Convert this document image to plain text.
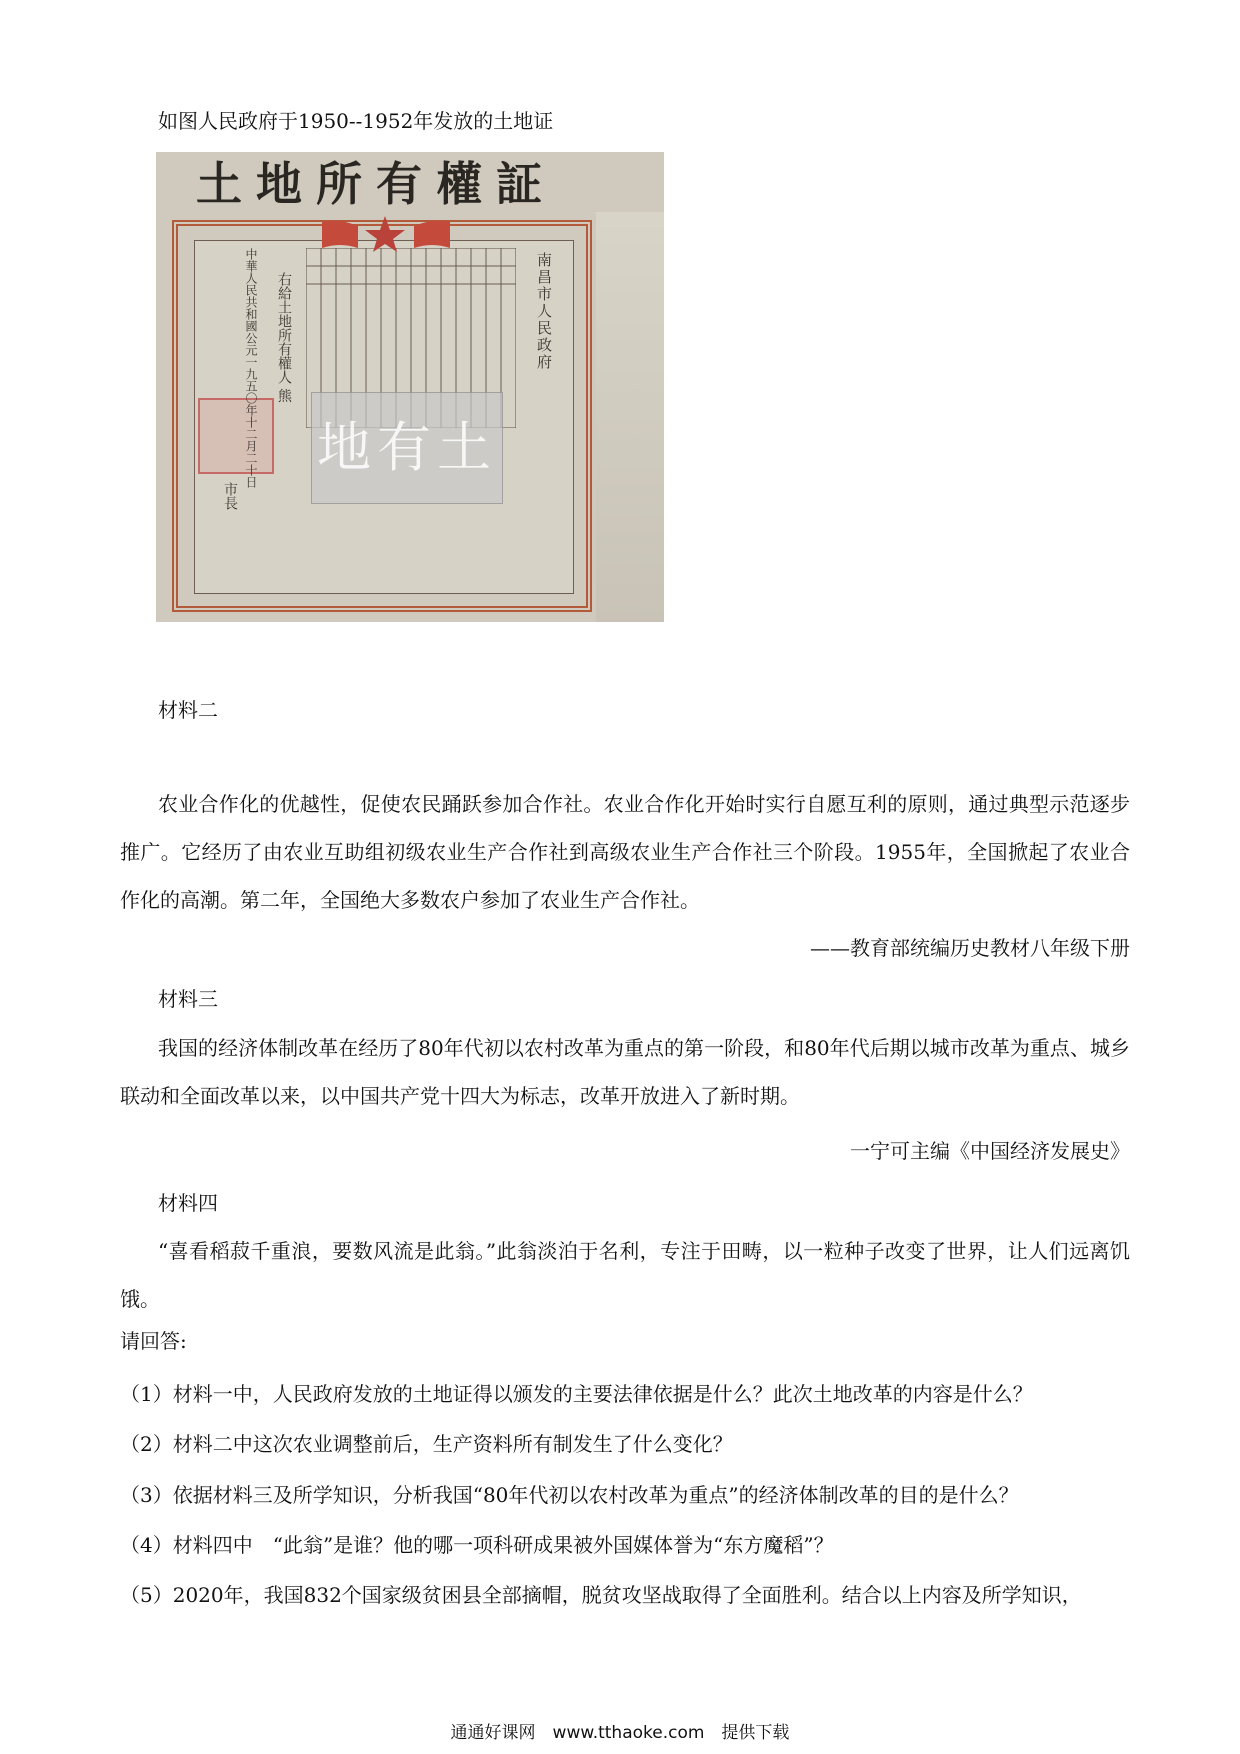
如图人民政府于1950--1952年发放的土地证
土地所有權証
地有土
南昌市人民政府
右給土地所有權人 熊
中華人民共和國公元一九五〇年十二月二十日
市長
材料二
农业合作化的优越性，促使农民踊跃参加合作社。农业合作化开始时实行自愿互利的原则，通过典型示范逐步推广。它经历了由农业互助组初级农业生产合作社到高级农业生产合作社三个阶段。1955年，全国掀起了农业合作化的高潮。第二年，全国绝大多数农户参加了农业生产合作社。
——教育部统编历史教材八年级下册
材料三
我国的经济体制改革在经历了80年代初以农村改革为重点的第一阶段，和80年代后期以城市改革为重点、城乡联动和全面改革以来，以中国共产党十四大为标志，改革开放进入了新时期。
一宁可主编《中国经济发展史》
材料四
“喜看稻菽千重浪，要数风流是此翁。”此翁淡泊于名利，专注于田畴，以一粒种子改变了世界，让人们远离饥饿。
请回答:
（1）材料一中，人民政府发放的土地证得以颁发的主要法律依据是什么？此次土地改革的内容是什么？
（2）材料二中这次农业调整前后，生产资料所有制发生了什么变化？
（3）依据材料三及所学知识，分析我国“80年代初以农村改革为重点”的经济体制改革的目的是什么？
（4）材料四中　“此翁”是谁？他的哪一项科研成果被外国媒体誉为“东方魔稻”？
（5）2020年，我国832个国家级贫困县全部摘帽，脱贫攻坚战取得了全面胜利。结合以上内容及所学知识，
通通好课网　www.tthaoke.com　提供下载
